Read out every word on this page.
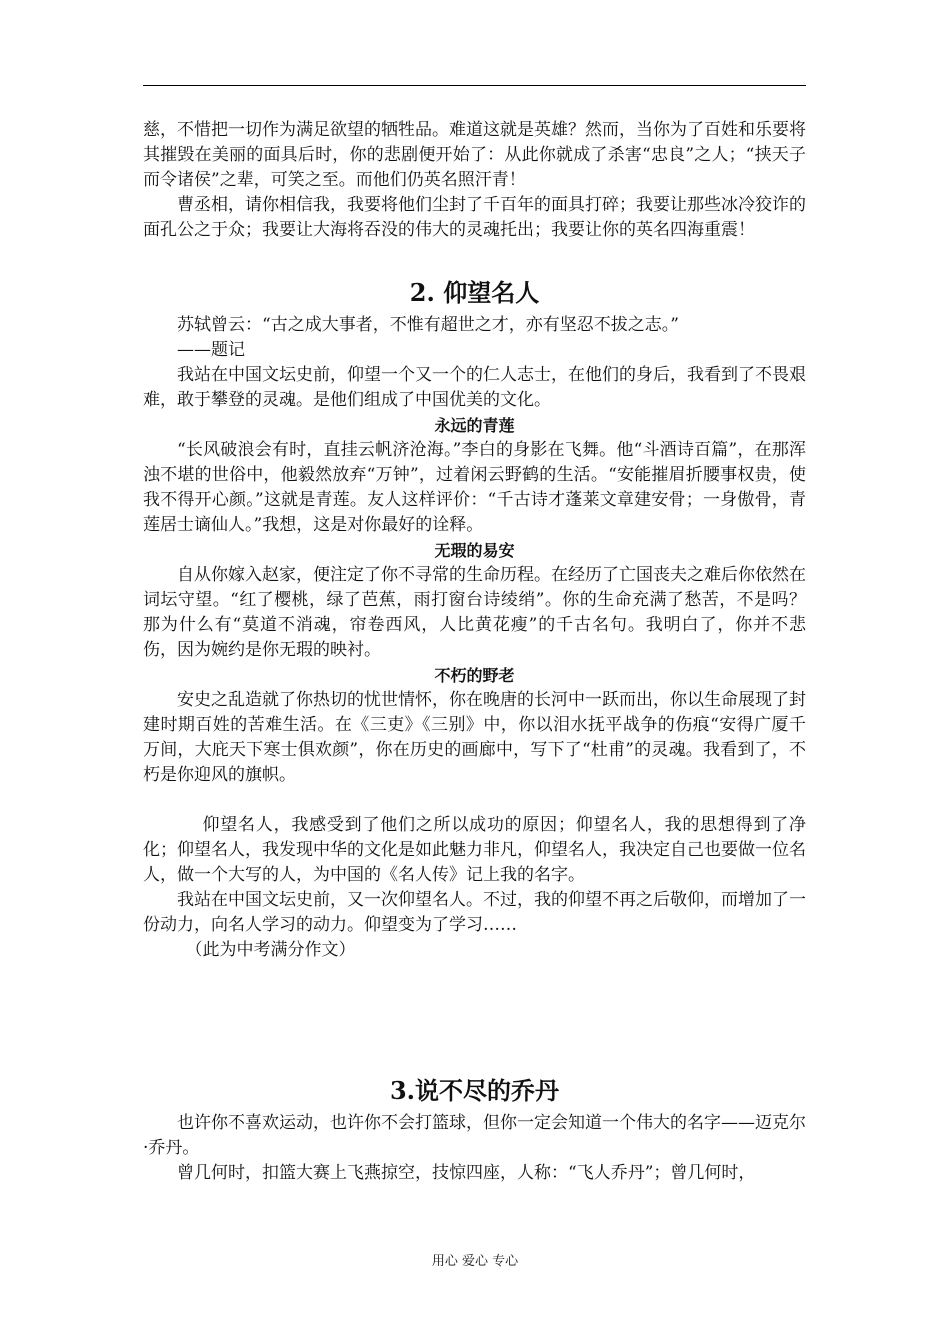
慈，不惜把一切作为满足欲望的牺牲品。难道这就是英雄？然而，当你为了百姓和乐要将其摧毁在美丽的面具后时，你的悲剧便开始了：从此你就成了杀害“忠良”之人；“挟天子而令诸侯”之辈，可笑之至。而他们仍英名照汗青！

曹丞相，请你相信我，我要将他们尘封了千百年的面具打碎；我要让那些冰冷狡诈的面孔公之于众；我要让大海将吞没的伟大的灵魂托出；我要让你的英名四海重震！

2. 仰望名人

苏轼曾云：“古之成大事者，不惟有超世之才，亦有坚忍不拔之志。”

——题记

我站在中国文坛史前，仰望一个又一个的仁人志士，在他们的身后，我看到了不畏艰难，敢于攀登的灵魂。是他们组成了中国优美的文化。

永远的青莲

“长风破浪会有时，直挂云帆济沧海。”李白的身影在飞舞。他“斗酒诗百篇”，在那浑浊不堪的世俗中，他毅然放弃“万钟”，过着闲云野鹤的生活。“安能摧眉折腰事权贵，使我不得开心颜。”这就是青莲。友人这样评价：“千古诗才蓬莱文章建安骨；一身傲骨，青莲居士谪仙人。”我想，这是对你最好的诠释。

无瑕的易安

自从你嫁入赵家，便注定了你不寻常的生命历程。在经历了亡国丧夫之难后你依然在词坛守望。“红了樱桃，绿了芭蕉，雨打窗台诗绫绡”。你的生命充满了愁苦，不是吗？那为什么有“莫道不消魂，帘卷西风，人比黄花瘦”的千古名句。我明白了，你并不悲伤，因为婉约是你无瑕的映衬。

不朽的野老

安史之乱造就了你热切的忧世情怀，你在晚唐的长河中一跃而出，你以生命展现了封建时期百姓的苦难生活。在《三吏》《三别》中，你以泪水抚平战争的伤痕“安得广厦千万间，大庇天下寒士俱欢颜”，你在历史的画廊中，写下了“杜甫”的灵魂。我看到了，不朽是你迎风的旗帜。

仰望名人，我感受到了他们之所以成功的原因；仰望名人，我的思想得到了净化；仰望名人，我发现中华的文化是如此魅力非凡，仰望名人，我决定自己也要做一位名人，做一个大写的人，为中国的《名人传》记上我的名字。

我站在中国文坛史前，又一次仰望名人。不过，我的仰望不再之后敬仰，而增加了一份动力，向名人学习的动力。仰望变为了学习……

（此为中考满分作文）

3.说不尽的乔丹

也许你不喜欢运动，也许你不会打篮球，但你一定会知道一个伟大的名字——迈克尔·乔丹。

曾几何时，扣篮大赛上飞燕掠空，技惊四座，人称：“飞人乔丹”；曾几何时，

用心 爱心 专心
